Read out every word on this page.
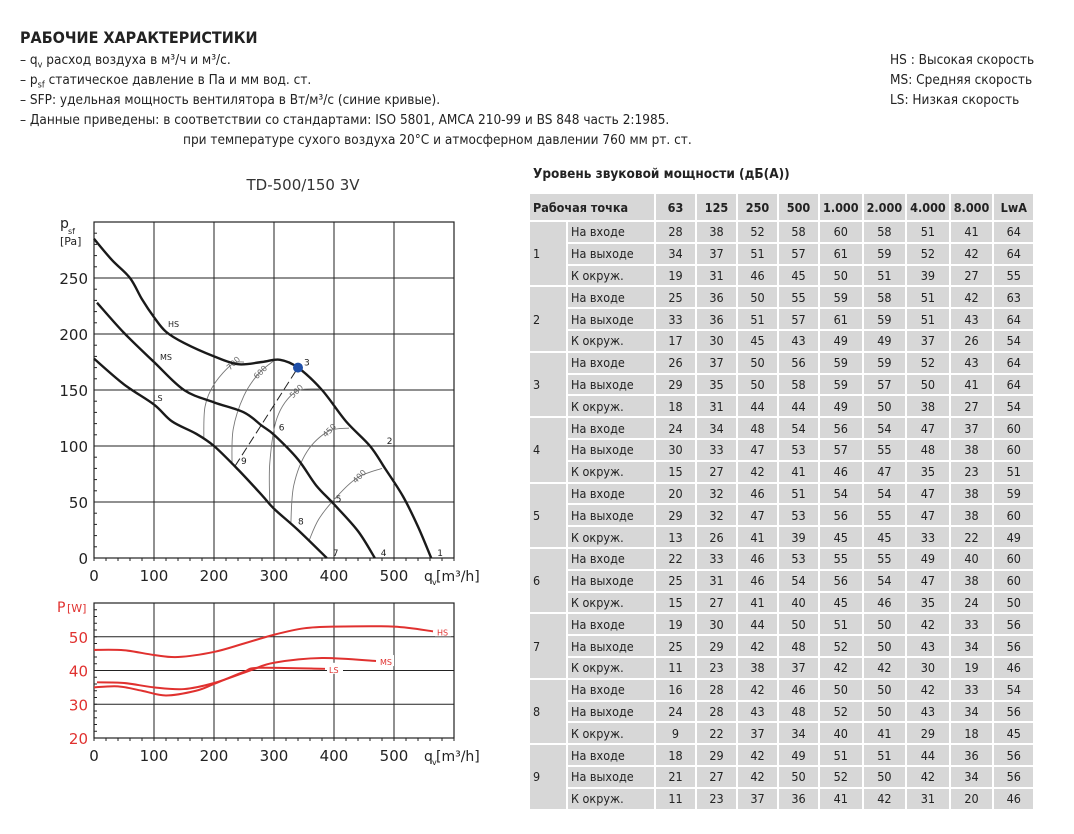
РАБОЧИЕ ХАРАКТЕРИСТИКИ
– $q_v$ расход воздуха в м³/ч и м³/с.
– $p_{sf}$ статическое давление в Па и мм вод. ст.
– SFP: удельная мощность вентилятора в Вт/м³/с (синие кривые).
– Данные приведены: в соответствии со стандартами: ISO 5801, AMCA 210-99 и BS 848 часть 2:1985.
при температуре сухого воздуха 20°C и атмосферном давлении 760 мм рт. ст.
HS : Высокая скорость
MS: Средняя скорость
LS: Низкая скорость
TD-500/150 3V
0	100 200 300 400 500
0
50
100
150
200
250
q v [m³/h]
p sf
[Pa]
700
600
500
450
400
HS
MS
LS
1
2
3
4
5
6
7
8
9
0	100 200 300 400 500
20
30
40
50
q v [m³/h]
P [W]
HS
MS
LS
Уровень звуковой мощности (дБ(А))
Рабочая точка		63	125	250	500	1.000	2.000	4.000	8.000	LwA
1	На входе	28	38	52	58	60	58	51	41	64
	На выходе	34	37	51	57	61	59	52	42	64
	К окруж.	19	31	46	45	50	51	39	27	55
2	На входе	25	36	50	55	59	58	51	42	63
	На выходе	33	36	51	57	61	59	51	43	64
	К окруж.	17	30	45	43	49	49	37	26	54
3	На входе	26	37	50	56	59	59	52	43	64
	На выходе	29	35	50	58	59	57	50	41	64
	К окруж.	18	31	44	44	49	50	38	27	54
4	На входе	24	34	48	54	56	54	47	37	60
	На выходе	30	33	47	53	57	55	48	38	60
	К окруж.	15	27	42	41	46	47	35	23	51
5	На входе	20	32	46	51	54	54	47	38	59
	На выходе	29	32	47	53	56	55	47	38	60
	К окруж.	13	26	41	39	45	45	33	22	49
6	На входе	22	33	46	53	55	55	49	40	60
	На выходе	25	31	46	54	56	54	47	38	60
	К окруж.	15	27	41	40	45	46	35	24	50
7	На входе	19	30	44	50	51	50	42	33	56
	На выходе	25	29	42	48	52	50	43	34	56
	К окруж.	11	23	38	37	42	42	30	19	46
8	На входе	16	28	42	46	50	50	42	33	54
	На выходе	24	28	43	48	52	50	43	34	56
	К окруж.	9	22	37	34	40	41	29	18	45
9	На входе	18	29	42	49	51	51	44	36	56
	На выходе	21	27	42	50	52	50	42	34	56
	К окруж.	11	23	37	36	41	42	31	20	46
